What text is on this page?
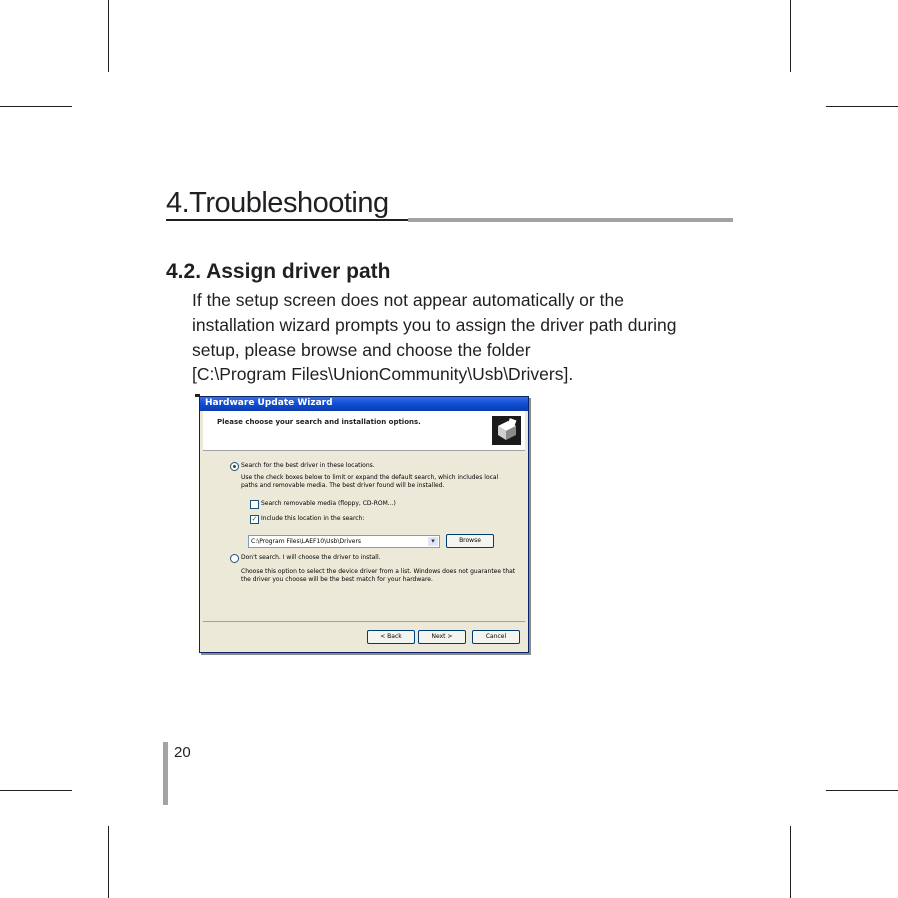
4.Troubleshooting
4.2. Assign driver path
If the setup screen does not appear automatically or the
installation wizard prompts you to assign the driver path during
setup, please browse and choose the folder
[C:\Program Files\UnionCommunity\Usb\Drivers].
Hardware Update Wizard
Please choose your search and installation options.
Search for the best driver in these locations.
Use the check boxes below to limit or expand the default search, which includes local
paths and removable media. The best driver found will be installed.
Search removable media (floppy, CD-ROM...)
✓ Include this location in the search:
C:\Program Files\LAEF10\Usb\Drivers	▾	Browse
Don't search. I will choose the driver to install.
Choose this option to select the device driver from a list. Windows does not guarantee that
the driver you choose will be the best match for your hardware.
< Back	Next >	Cancel
20
